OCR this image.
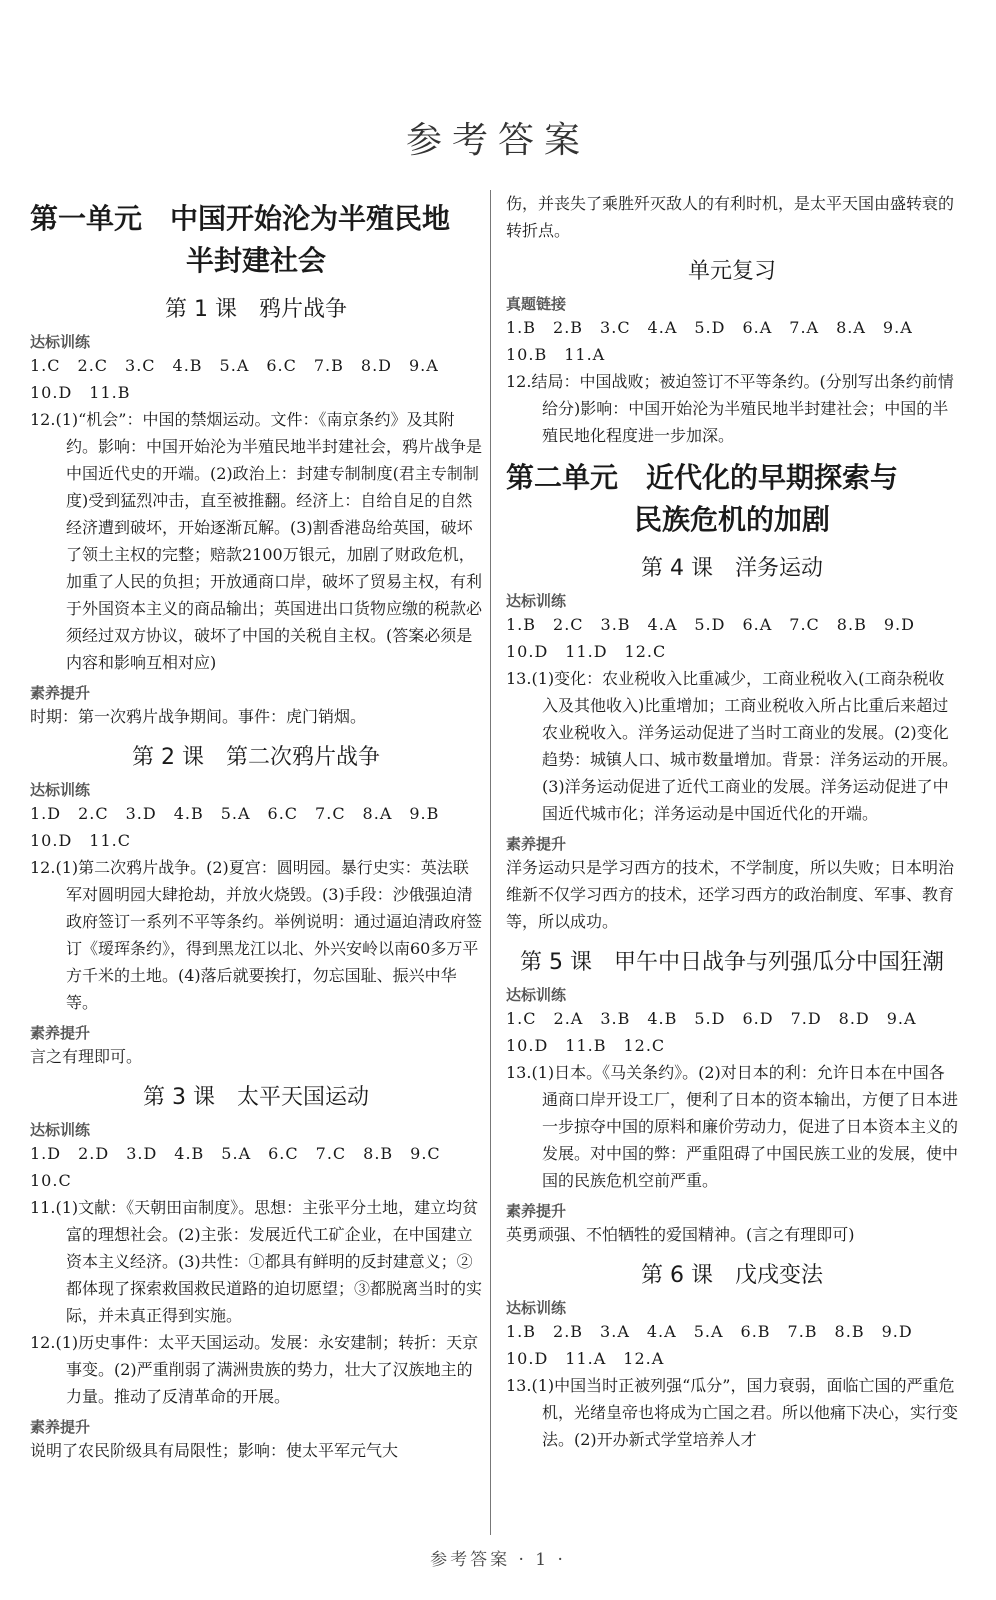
参考答案
第一单元　中国开始沦为半殖民地
半封建社会
第 1 课　鸦片战争
达标训练

1.C　2.C　3.C　4.B　5.A　6.C　7.B　8.D　9.A

10.D　11.B

12.(1)“机会”：中国的禁烟运动。文件：《南京条约》及其附约。影响：中国开始沦为半殖民地半封建社会，鸦片战争是中国近代史的开端。(2)政治上：封建专制制度(君主专制制度)受到猛烈冲击，直至被推翻。经济上：自给自足的自然经济遭到破坏，开始逐渐瓦解。(3)割香港岛给英国，破坏了领土主权的完整；赔款2100万银元，加剧了财政危机，加重了人民的负担；开放通商口岸，破坏了贸易主权，有利于外国资本主义的商品输出；英国进出口货物应缴的税款必须经过双方协议，破坏了中国的关税自主权。(答案必须是内容和影响互相对应)

素养提升

时期：第一次鸦片战争期间。事件：虎门销烟。

第 2 课　第二次鸦片战争
达标训练

1.D　2.C　3.D　4.B　5.A　6.C　7.C　8.A　9.B

10.D　11.C

12.(1)第二次鸦片战争。(2)夏宫：圆明园。暴行史实：英法联军对圆明园大肆抢劫，并放火烧毁。(3)手段：沙俄强迫清政府签订一系列不平等条约。举例说明：通过逼迫清政府签订《瑷珲条约》，得到黑龙江以北、外兴安岭以南60多万平方千米的土地。(4)落后就要挨打，勿忘国耻、振兴中华等。

素养提升

言之有理即可。

第 3 课　太平天国运动
达标训练

1.D　2.D　3.D　4.B　5.A　6.C　7.C　8.B　9.C

10.C

11.(1)文献：《天朝田亩制度》。思想：主张平分土地，建立均贫富的理想社会。(2)主张：发展近代工矿企业，在中国建立资本主义经济。(3)共性：①都具有鲜明的反封建意义；②都体现了探索救国救民道路的迫切愿望；③都脱离当时的实际，并未真正得到实施。

12.(1)历史事件：太平天国运动。发展：永安建制；转折：天京事变。(2)严重削弱了满洲贵族的势力，壮大了汉族地主的力量。推动了反清革命的开展。

素养提升

说明了农民阶级具有局限性；影响：使太平军元气大

伤，并丧失了乘胜歼灭敌人的有利时机，是太平天国由盛转衰的转折点。

单元复习
真题链接

1.B　2.B　3.C　4.A　5.D　6.A　7.A　8.A　9.A

10.B　11.A

12.结局：中国战败；被迫签订不平等条约。(分别写出条约前情给分)影响：中国开始沦为半殖民地半封建社会；中国的半殖民地化程度进一步加深。

第二单元　近代化的早期探索与
民族危机的加剧
第 4 课　洋务运动
达标训练

1.B　2.C　3.B　4.A　5.D　6.A　7.C　8.B　9.D

10.D　11.D　12.C

13.(1)变化：农业税收入比重减少，工商业税收入(工商杂税收入及其他收入)比重增加；工商业税收入所占比重后来超过农业税收入。洋务运动促进了当时工商业的发展。(2)变化趋势：城镇人口、城市数量增加。背景：洋务运动的开展。(3)洋务运动促进了近代工商业的发展。洋务运动促进了中国近代城市化；洋务运动是中国近代化的开端。

素养提升

洋务运动只是学习西方的技术，不学制度，所以失败；日本明治维新不仅学习西方的技术，还学习西方的政治制度、军事、教育等，所以成功。

第 5 课　甲午中日战争与列强瓜分中国狂潮
达标训练

1.C　2.A　3.B　4.B　5.D　6.D　7.D　8.D　9.A

10.D　11.B　12.C

13.(1)日本。《马关条约》。(2)对日本的利：允许日本在中国各通商口岸开设工厂，便利了日本的资本输出，方便了日本进一步掠夺中国的原料和廉价劳动力，促进了日本资本主义的发展。对中国的弊：严重阻碍了中国民族工业的发展，使中国的民族危机空前严重。

素养提升

英勇顽强、不怕牺牲的爱国精神。(言之有理即可)

第 6 课　戊戌变法
达标训练

1.B　2.B　3.A　4.A　5.A　6.B　7.B　8.B　9.D

10.D　11.A　12.A

13.(1)中国当时正被列强“瓜分”，国力衰弱，面临亡国的严重危机，光绪皇帝也将成为亡国之君。所以他痛下决心，实行变法。(2)开办新式学堂培养人才

参考答案 · 1 ·
